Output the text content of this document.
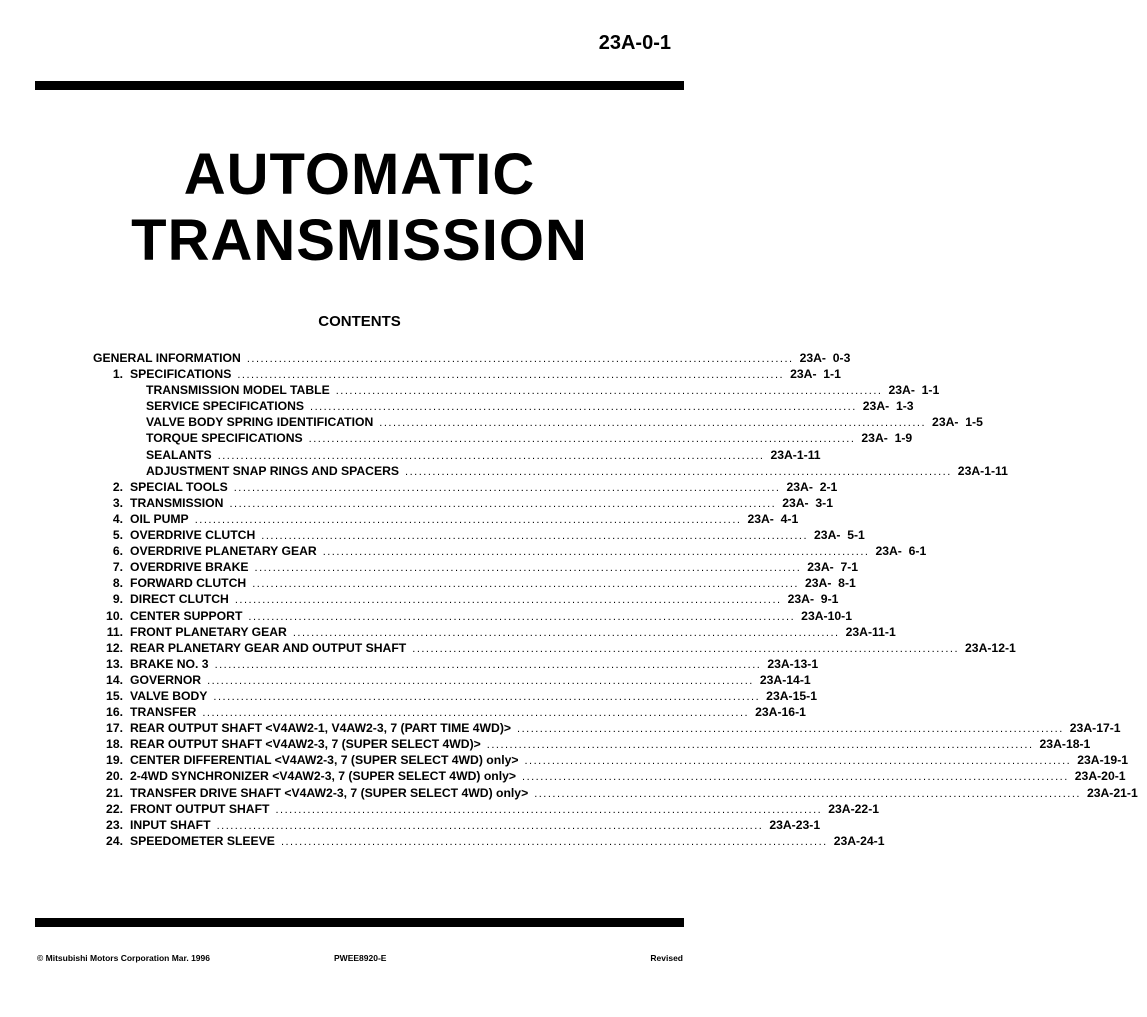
23A-0-1
AUTOMATIC
TRANSMISSION
CONTENTS
GENERAL INFORMATION ........................................................................................................................ 23A-  0-3
1. SPECIFICATIONS ........................................................................................................................ 23A-  1-1
TRANSMISSION MODEL TABLE ........................................................................................................................ 23A-  1-1
SERVICE SPECIFICATIONS ........................................................................................................................ 23A-  1-3
VALVE BODY SPRING IDENTIFICATION ........................................................................................................................ 23A-  1-5
TORQUE SPECIFICATIONS ........................................................................................................................ 23A-  1-9
SEALANTS ........................................................................................................................ 23A-1-11
ADJUSTMENT SNAP RINGS AND SPACERS ........................................................................................................................ 23A-1-11
2. SPECIAL TOOLS ........................................................................................................................ 23A-  2-1
3. TRANSMISSION ........................................................................................................................ 23A-  3-1
4. OIL PUMP ........................................................................................................................ 23A-  4-1
5. OVERDRIVE CLUTCH ........................................................................................................................ 23A-  5-1
6. OVERDRIVE PLANETARY GEAR ........................................................................................................................ 23A-  6-1
7. OVERDRIVE BRAKE ........................................................................................................................ 23A-  7-1
8. FORWARD CLUTCH ........................................................................................................................ 23A-  8-1
9. DIRECT CLUTCH ........................................................................................................................ 23A-  9-1
10. CENTER SUPPORT ........................................................................................................................ 23A-10-1
11. FRONT PLANETARY GEAR ........................................................................................................................ 23A-11-1
12. REAR PLANETARY GEAR AND OUTPUT SHAFT ........................................................................................................................ 23A-12-1
13. BRAKE NO. 3 ........................................................................................................................ 23A-13-1
14. GOVERNOR ........................................................................................................................ 23A-14-1
15. VALVE BODY ........................................................................................................................ 23A-15-1
16. TRANSFER ........................................................................................................................ 23A-16-1
17. REAR OUTPUT SHAFT <V4AW2-1, V4AW2-3, 7 (PART TIME 4WD)> ........................................................................................................................ 23A-17-1
18. REAR OUTPUT SHAFT <V4AW2-3, 7 (SUPER SELECT 4WD)> ........................................................................................................................ 23A-18-1
19. CENTER DIFFERENTIAL <V4AW2-3, 7 (SUPER SELECT 4WD) only> ........................................................................................................................ 23A-19-1
20. 2-4WD SYNCHRONIZER <V4AW2-3, 7 (SUPER SELECT 4WD) only> ........................................................................................................................ 23A-20-1
21. TRANSFER DRIVE SHAFT <V4AW2-3, 7 (SUPER SELECT 4WD) only> ........................................................................................................................ 23A-21-1
22. FRONT OUTPUT SHAFT ........................................................................................................................ 23A-22-1
23. INPUT SHAFT ........................................................................................................................ 23A-23-1
24. SPEEDOMETER SLEEVE ........................................................................................................................ 23A-24-1
© Mitsubishi Motors Corporation Mar. 1996	PWEE8920-E	Revised
